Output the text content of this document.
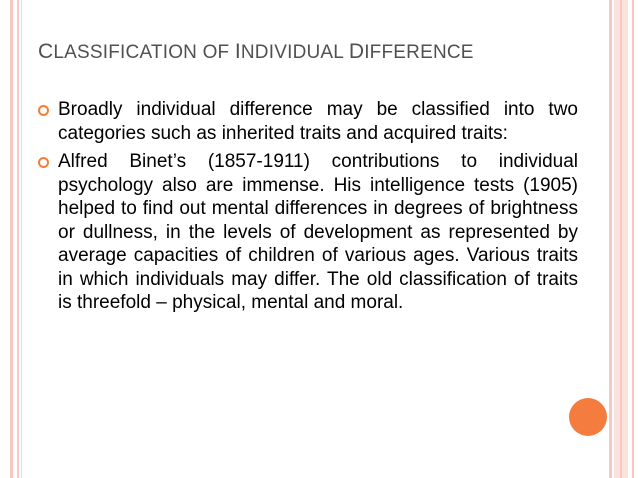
CLASSIFICATION OF INDIVIDUAL DIFFERENCE
Broadly individual difference may be classified into two categories such as inherited traits and acquired traits:
Alfred Binet’s (1857-1911) contributions to individual psychology also are immense. His intelligence tests (1905) helped to find out mental differences in degrees of brightness or dullness, in the levels of development as represented by average capacities of children of various ages. Various traits in which individuals may differ. The old classification of traits is threefold – physical, mental and moral.
